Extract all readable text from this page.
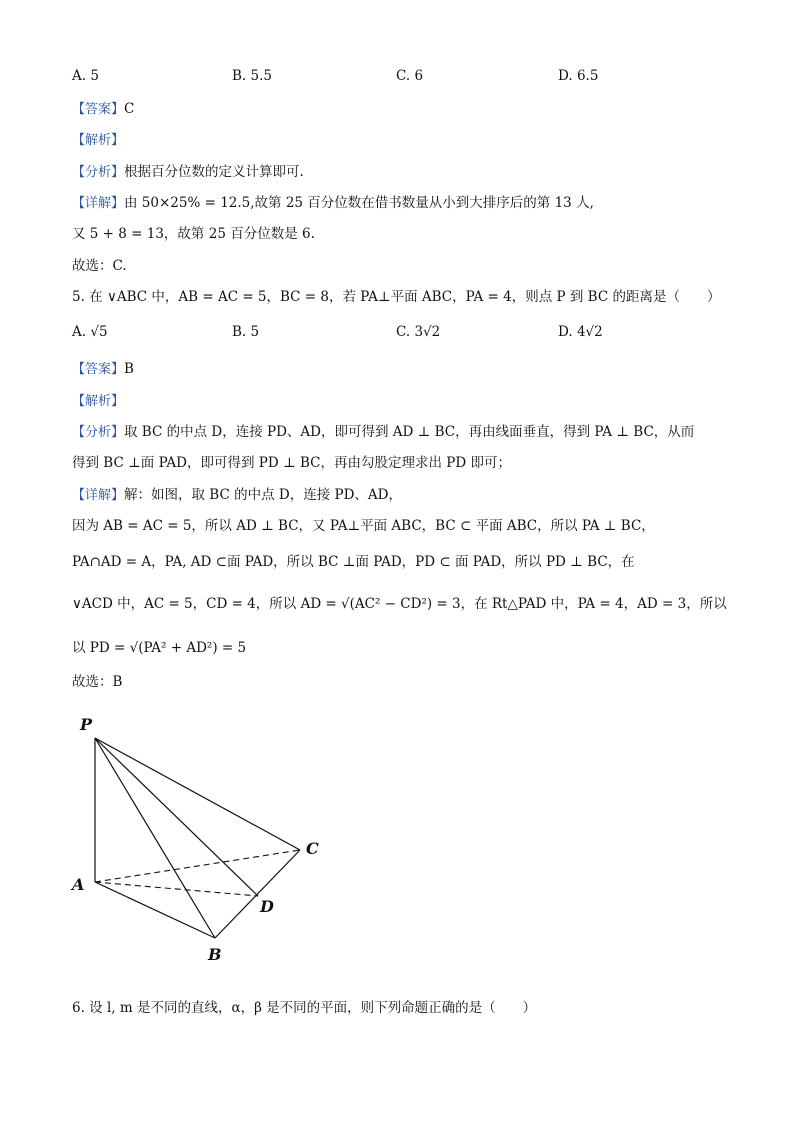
A. 5	B. 5.5	C. 6	D. 6.5
【答案】C
【解析】
【分析】根据百分位数的定义计算即可.
【详解】由 50×25% = 12.5,故第 25 百分位数在借书数量从小到大排序后的第 13 人,
又 5 + 8 = 13，故第 25 百分位数是 6.
故选：C.
5. 在 ∨ABC 中，AB = AC = 5，BC = 8，若 PA⊥平面 ABC，PA = 4，则点 P 到 BC 的距离是（　　）
A. √5	B. 5	C. 3√2	D. 4√2
【答案】B
【解析】
【分析】取 BC 的中点 D，连接 PD、AD，即可得到 AD ⊥ BC，再由线面垂直，得到 PA ⊥ BC，从而
得到 BC ⊥面 PAD，即可得到 PD ⊥ BC，再由勾股定理求出 PD 即可；
【详解】解：如图，取 BC 的中点 D，连接 PD、AD，
因为 AB = AC = 5，所以 AD ⊥ BC，又 PA⊥平面 ABC，BC ⊂ 平面 ABC，所以 PA ⊥ BC，
PA∩AD = A，PA, AD ⊂面 PAD，所以 BC ⊥面 PAD，PD ⊂ 面 PAD，所以 PD ⊥ BC，在
∨ACD 中，AC = 5，CD = 4，所以 AD = √(AC² − CD²) = 3，在 Rt△PAD 中，PA = 4，AD = 3，所以
以 PD = √(PA² + AD²) = 5
故选：B
P
A
B
C
D
6. 设 l, m 是不同的直线，α，β 是不同的平面，则下列命题正确的是（　　）
